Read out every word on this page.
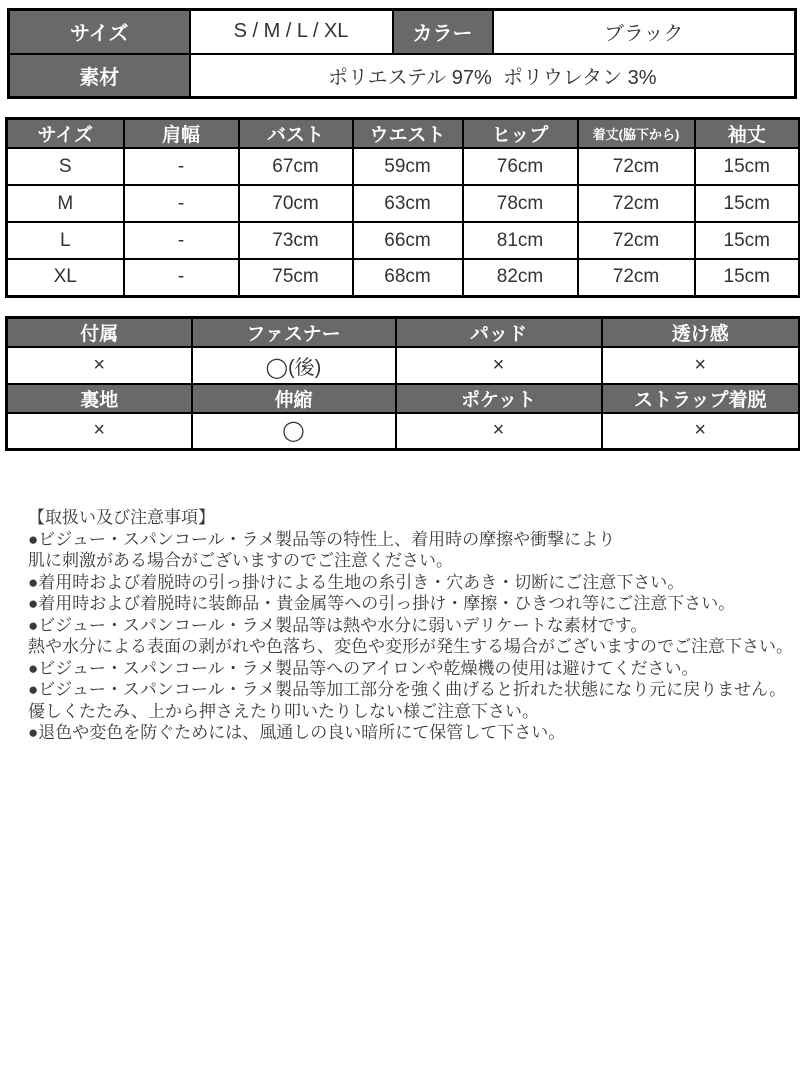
サイズ	S / M / L / XL	カラー	ブラック
素材	ポリエステル 97%  ポリウレタン 3%		
サイズ	肩幅	バスト	ウエスト	ヒップ	着丈(脇下から)	袖丈
S	-	67cm	59cm	76cm	72cm	15cm
M	-	70cm	63cm	78cm	72cm	15cm
L	-	73cm	66cm	81cm	72cm	15cm
XL	-	75cm	68cm	82cm	72cm	15cm
付属	ファスナー	パッド	透け感
×	◯(後)	×	×
裏地	伸縮	ポケット	ストラップ着脱
×	◯	×	×

【取扱い及び注意事項】

●ビジュー・スパンコール・ラメ製品等の特性上、着用時の摩擦や衝撃により

肌に刺激がある場合がございますのでご注意ください。

●着用時および着脱時の引っ掛けによる生地の糸引き・穴あき・切断にご注意下さい。

●着用時および着脱時に装飾品・貴金属等への引っ掛け・摩擦・ひきつれ等にご注意下さい。

●ビジュー・スパンコール・ラメ製品等は熱や水分に弱いデリケートな素材です。

熱や水分による表面の剥がれや色落ち、変色や変形が発生する場合がございますのでご注意下さい。

●ビジュー・スパンコール・ラメ製品等へのアイロンや乾燥機の使用は避けてください。

●ビジュー・スパンコール・ラメ製品等加工部分を強く曲げると折れた状態になり元に戻りません。

優しくたたみ、上から押さえたり叩いたりしない様ご注意下さい。

●退色や変色を防ぐためには、風通しの良い暗所にて保管して下さい。
